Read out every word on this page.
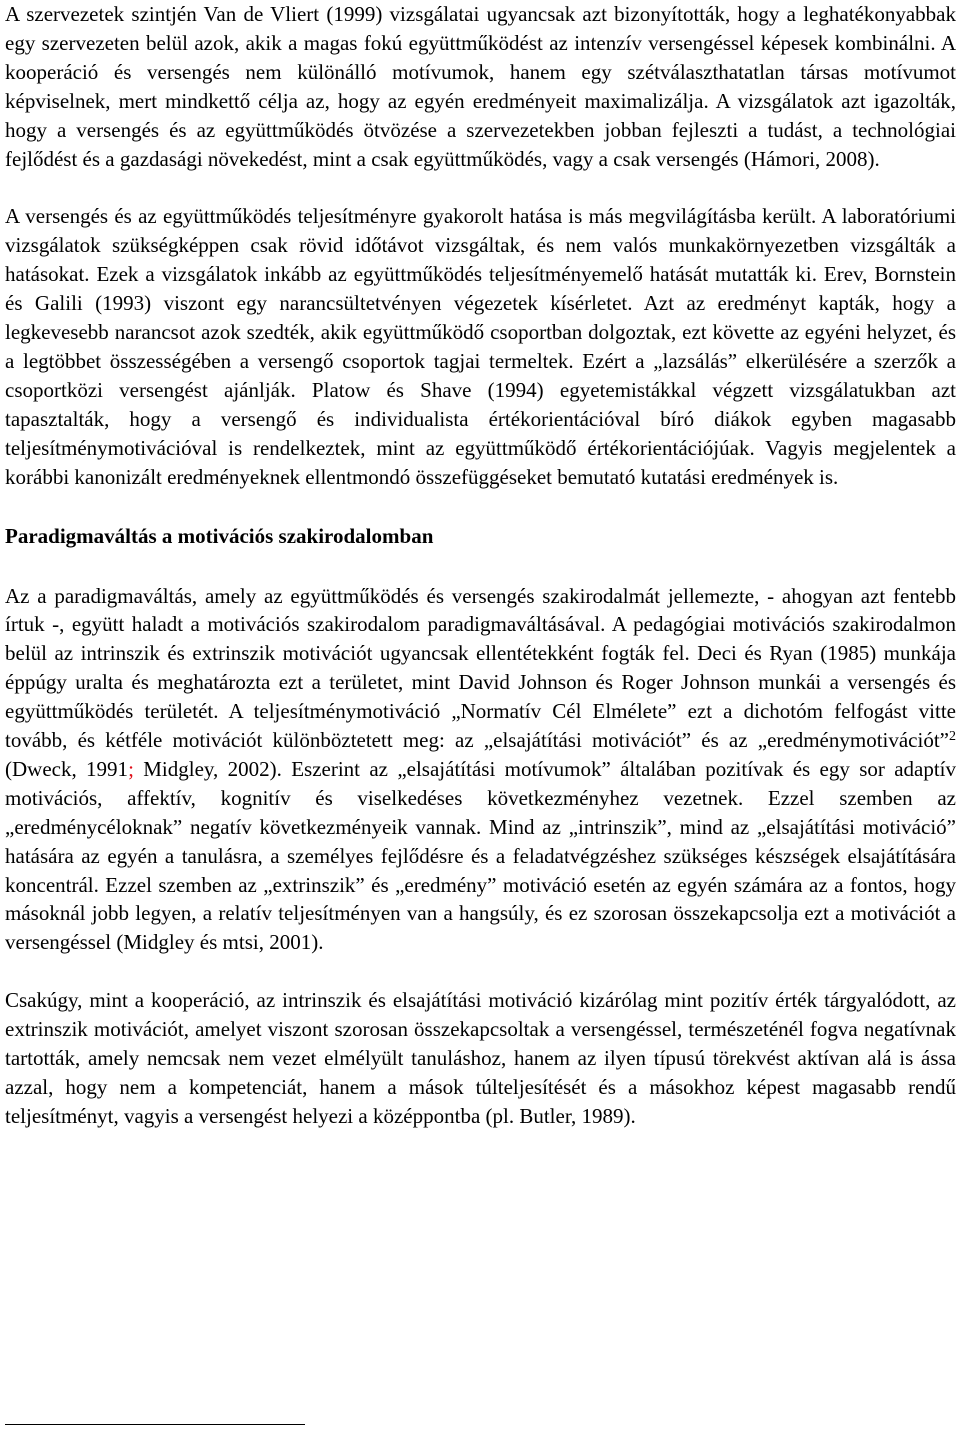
A szervezetek szintjén Van de Vliert (1999) vizsgálatai ugyancsak azt bizonyították, hogy a leghatékonyabbak egy szervezeten belül azok, akik a magas fokú együttműködést az intenzív versengéssel képesek kombinálni. A kooperáció és versengés nem különálló motívumok, hanem egy szétválaszthatatlan társas motívumot képviselnek, mert mindkettő célja az, hogy az egyén eredményeit maximalizálja. A vizsgálatok azt igazolták, hogy a versengés és az együttműködés ötvözése a szervezetekben jobban fejleszti a tudást, a technológiai fejlődést és a gazdasági növekedést, mint a csak együttműködés, vagy a csak versengés (Hámori, 2008).

A versengés és az együttműködés teljesítményre gyakorolt hatása is más megvilágításba került. A laboratóriumi vizsgálatok szükségképpen csak rövid időtávot vizsgáltak, és nem valós munkakörnyezetben vizsgálták a hatásokat. Ezek a vizsgálatok inkább az együttműködés teljesítményemelő hatását mutatták ki. Erev, Bornstein és Galili (1993) viszont egy narancsültetvényen végezetek kísérletet. Azt az eredményt kapták, hogy a legkevesebb narancsot azok szedték, akik együttműködő csoportban dolgoztak, ezt követte az egyéni helyzet, és a legtöbbet összességében a versengő csoportok tagjai termeltek. Ezért a „lazsálás” elkerülésére a szerzők a csoportközi versengést ajánlják. Platow és Shave (1994) egyetemistákkal végzett vizsgálatukban azt tapasztalták, hogy a versengő és individualista értékorientációval bíró diákok egyben magasabb teljesítménymotivációval is rendelkeztek, mint az együttműködő értékorientációjúak. Vagyis megjelentek a korábbi kanonizált eredményeknek ellentmondó összefüggéseket bemutató kutatási eredmények is.

Paradigmaváltás a motivációs szakirodalomban

Az a paradigmaváltás, amely az együttműködés és versengés szakirodalmát jellemezte, - ahogyan azt fentebb írtuk -, együtt haladt a motivációs szakirodalom paradigmaváltásával. A pedagógiai motivációs szakirodalmon belül az intrinszik és extrinszik motivációt ugyancsak ellentétekként fogták fel. Deci és Ryan (1985) munkája éppúgy uralta és meghatározta ezt a területet, mint David Johnson és Roger Johnson munkái a versengés és együttműködés területét. A teljesítménymotiváció „Normatív Cél Elmélete” ezt a dichotóm felfogást vitte tovább, és kétféle motivációt különböztetett meg: az „elsajátítási motivációt” és az „eredménymotivációt”$^2$ (Dweck, 1991; Midgley, 2002). Eszerint az „elsajátítási motívumok” általában pozitívak és egy sor adaptív motivációs, affektív, kognitív és viselkedéses következményhez vezetnek. Ezzel szemben az „eredménycéloknak” negatív következményeik vannak. Mind az „intrinszik”, mind az „elsajátítási motiváció” hatására az egyén a tanulásra, a személyes fejlődésre és a feladatvégzéshez szükséges készségek elsajátítására koncentrál. Ezzel szemben az „extrinszik” és „eredmény” motiváció esetén az egyén számára az a fontos, hogy másoknál jobb legyen, a relatív teljesítményen van a hangsúly, és ez szorosan összekapcsolja ezt a motivációt a versengéssel (Midgley és mtsi, 2001).

Csakúgy, mint a kooperáció, az intrinszik és elsajátítási motiváció kizárólag mint pozitív érték tárgyalódott, az extrinszik motivációt, amelyet viszont szorosan összekapcsoltak a versengéssel, természeténél fogva negatívnak tartották, amely nemcsak nem vezet elmélyült tanuláshoz, hanem az ilyen típusú törekvést aktívan alá is ássa azzal, hogy nem a kompetenciát, hanem a mások túlteljesítését és a másokhoz képest magasabb rendű teljesítményt, vagyis a versengést helyezi a középpontba (pl. Butler, 1989).
